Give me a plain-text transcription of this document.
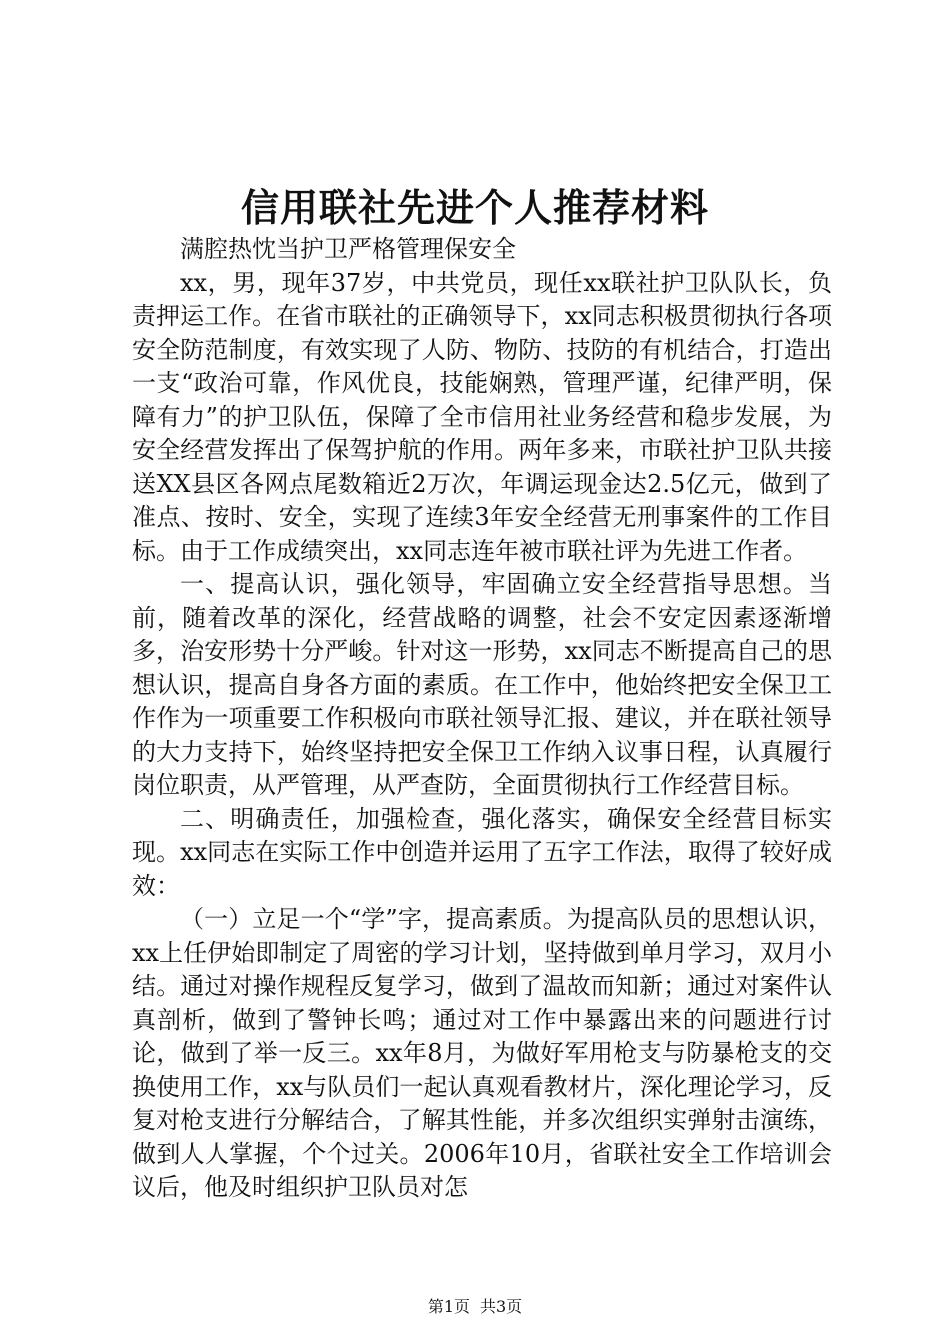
信用联社先进个人推荐材料

满腔热忱当护卫严格管理保安全

xx，男，现年37岁，中共党员，现任xx联社护卫队队长，负责押运工作。在省市联社的正确领导下，xx同志积极贯彻执行各项安全防范制度，有效实现了人防、物防、技防的有机结合，打造出一支“政治可靠，作风优良，技能娴熟，管理严谨，纪律严明，保障有力”的护卫队伍，保障了全市信用社业务经营和稳步发展，为安全经营发挥出了保驾护航的作用。两年多来，市联社护卫队共接送XX县区各网点尾数箱近2万次，年调运现金达2.5亿元，做到了准点、按时、安全，实现了连续3年安全经营无刑事案件的工作目标。由于工作成绩突出，xx同志连年被市联社评为先进工作者。

一、提高认识，强化领导，牢固确立安全经营指导思想。当前，随着改革的深化，经营战略的调整，社会不安定因素逐渐增多，治安形势十分严峻。针对这一形势，xx同志不断提高自己的思想认识，提高自身各方面的素质。在工作中，他始终把安全保卫工作作为一项重要工作积极向市联社领导汇报、建议，并在联社领导的大力支持下，始终坚持把安全保卫工作纳入议事日程，认真履行岗位职责，从严管理，从严查防，全面贯彻执行工作经营目标。

二、明确责任，加强检查，强化落实，确保安全经营目标实现。xx同志在实际工作中创造并运用了五字工作法，取得了较好成效：

（一）立足一个“学”字，提高素质。为提高队员的思想认识，xx上任伊始即制定了周密的学习计划，坚持做到单月学习，双月小结。通过对操作规程反复学习，做到了温故而知新；通过对案件认真剖析，做到了警钟长鸣；通过对工作中暴露出来的问题进行讨论，做到了举一反三。xx年8月，为做好军用枪支与防暴枪支的交换使用工作，xx与队员们一起认真观看教材片，深化理论学习，反复对枪支进行分解结合，了解其性能，并多次组织实弹射击演练，做到人人掌握，个个过关。2006年10月，省联社安全工作培训会议后，他及时组织护卫队员对怎

第1页 共3页
